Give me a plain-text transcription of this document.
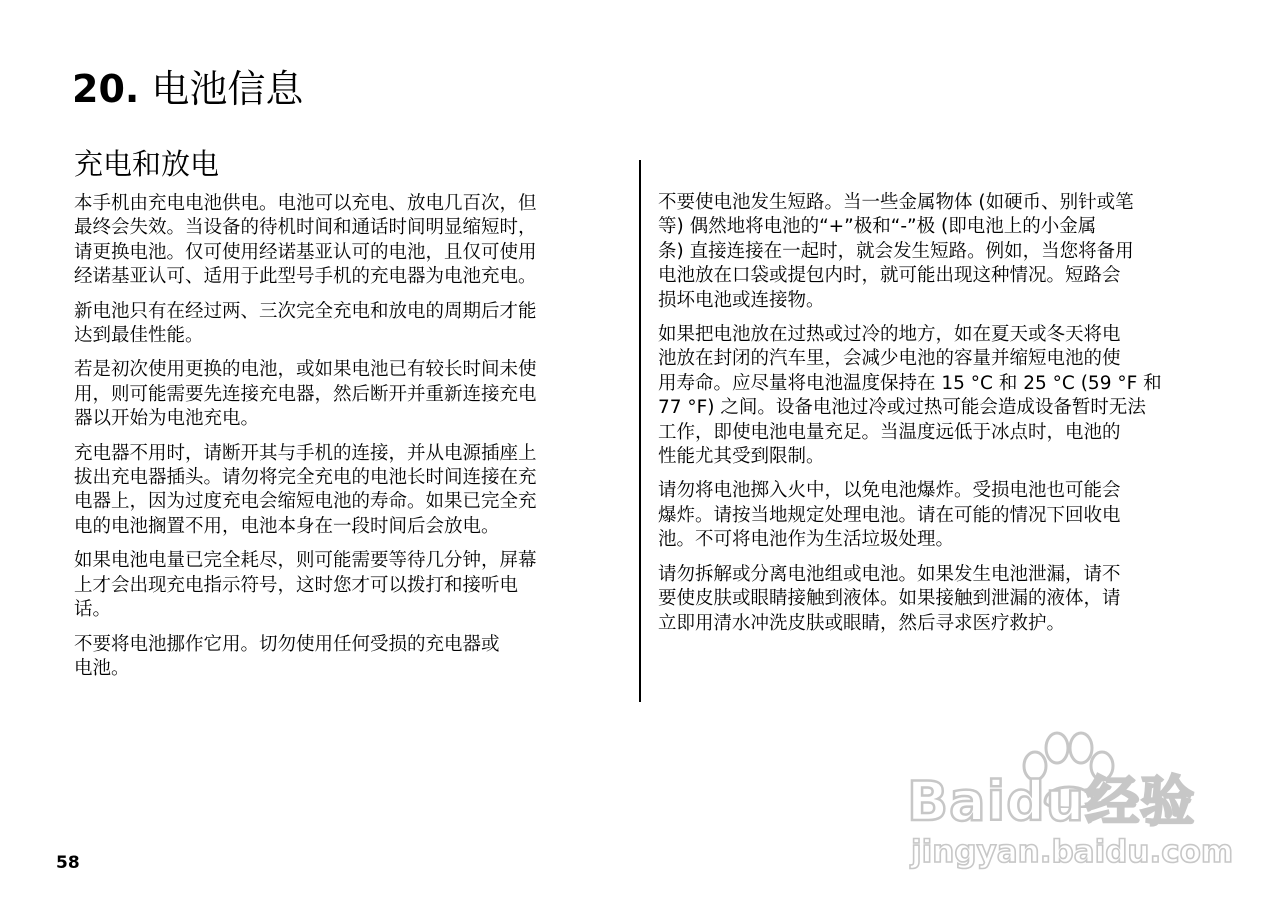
20. 电池信息
充电和放电

本手机由充电电池供电。电池可以充电、放电几百次，但
最终会失效。当设备的待机时间和通话时间明显缩短时，
请更换电池。仅可使用经诺基亚认可的电池，且仅可使用
经诺基亚认可、适用于此型号手机的充电器为电池充电。

新电池只有在经过两、三次完全充电和放电的周期后才能
达到最佳性能。

若是初次使用更换的电池，或如果电池已有较长时间未使
用，则可能需要先连接充电器，然后断开并重新连接充电
器以开始为电池充电。

充电器不用时，请断开其与手机的连接，并从电源插座上
拔出充电器插头。请勿将完全充电的电池长时间连接在充
电器上，因为过度充电会缩短电池的寿命。如果已完全充
电的电池搁置不用，电池本身在一段时间后会放电。

如果电池电量已完全耗尽，则可能需要等待几分钟，屏幕
上才会出现充电指示符号，这时您才可以拨打和接听电
话。

不要将电池挪作它用。切勿使用任何受损的充电器或
电池。

不要使电池发生短路。当一些金属物体 (如硬币、别针或笔
等) 偶然地将电池的“+”极和“-”极 (即电池上的小金属
条) 直接连接在一起时，就会发生短路。例如，当您将备用
电池放在口袋或提包内时，就可能出现这种情况。短路会
损坏电池或连接物。

如果把电池放在过热或过冷的地方，如在夏天或冬天将电
池放在封闭的汽车里，会减少电池的容量并缩短电池的使
用寿命。应尽量将电池温度保持在 15 °C 和 25 °C (59 °F 和
77 °F) 之间。设备电池过冷或过热可能会造成设备暂时无法
工作，即使电池电量充足。当温度远低于冰点时，电池的
性能尤其受到限制。

请勿将电池掷入火中，以免电池爆炸。受损电池也可能会
爆炸。请按当地规定处理电池。请在可能的情况下回收电
池。不可将电池作为生活垃圾处理。

请勿拆解或分离电池组或电池。如果发生电池泄漏，请不
要使皮肤或眼睛接触到液体。如果接触到泄漏的液体，请
立即用清水冲洗皮肤或眼睛，然后寻求医疗救护。

58
Baidu经验
jingyan.baidu.com
